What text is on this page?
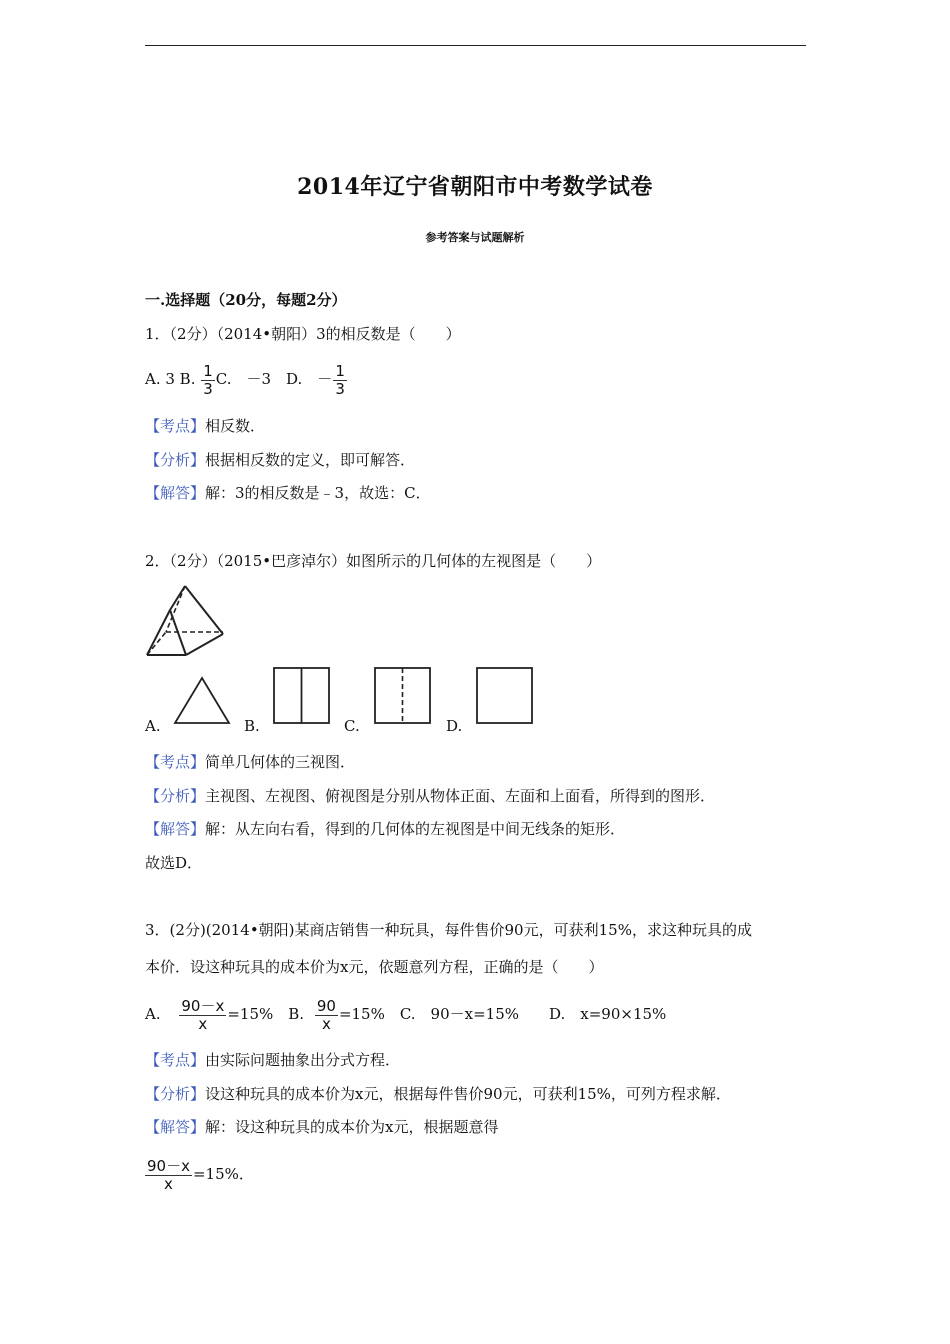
2014年辽宁省朝阳市中考数学试卷
参考答案与试题解析
一.选择题（20分，每题2分）
1．（2分）（2014•朝阳）3的相反数是（　　）
A. 3 B. $\frac{1}{3} C$.　－3　D.　－ $\frac{1}{3}$
【考点】相反数．
【分析】根据相反数的定义，即可解答．
【解答】解：3的相反数是﹣3，故选：C．
2．（2分）（2015•巴彦淖尔）如图所示的几何体的左视图是（　　）
A.	B.	C.	D.
【考点】简单几何体的三视图．
【分析】主视图、左视图、俯视图是分别从物体正面、左面和上面看，所得到的图形．
【解答】解：从左向右看，得到的几何体的左视图是中间无线条的矩形．
故选D．
3．(2分)(2014•朝阳)某商店销售一种玩具，每件售价90元，可获利15%，求这种玩具的成
本价．设这种玩具的成本价为x元，依题意列方程，正确的是（　　）
A. $\frac{90-x}{x} =15\%$　B. $\frac{90}{x} =15\%$　C.　90－x=15%　　D.　x=90×15%
【考点】由实际问题抽象出分式方程．
【分析】设这种玩具的成本价为x元，根据每件售价90元，可获利15%，可列方程求解．
【解答】解：设这种玩具的成本价为x元，根据题意得
$\frac{90-x}{x} =15\%$．
